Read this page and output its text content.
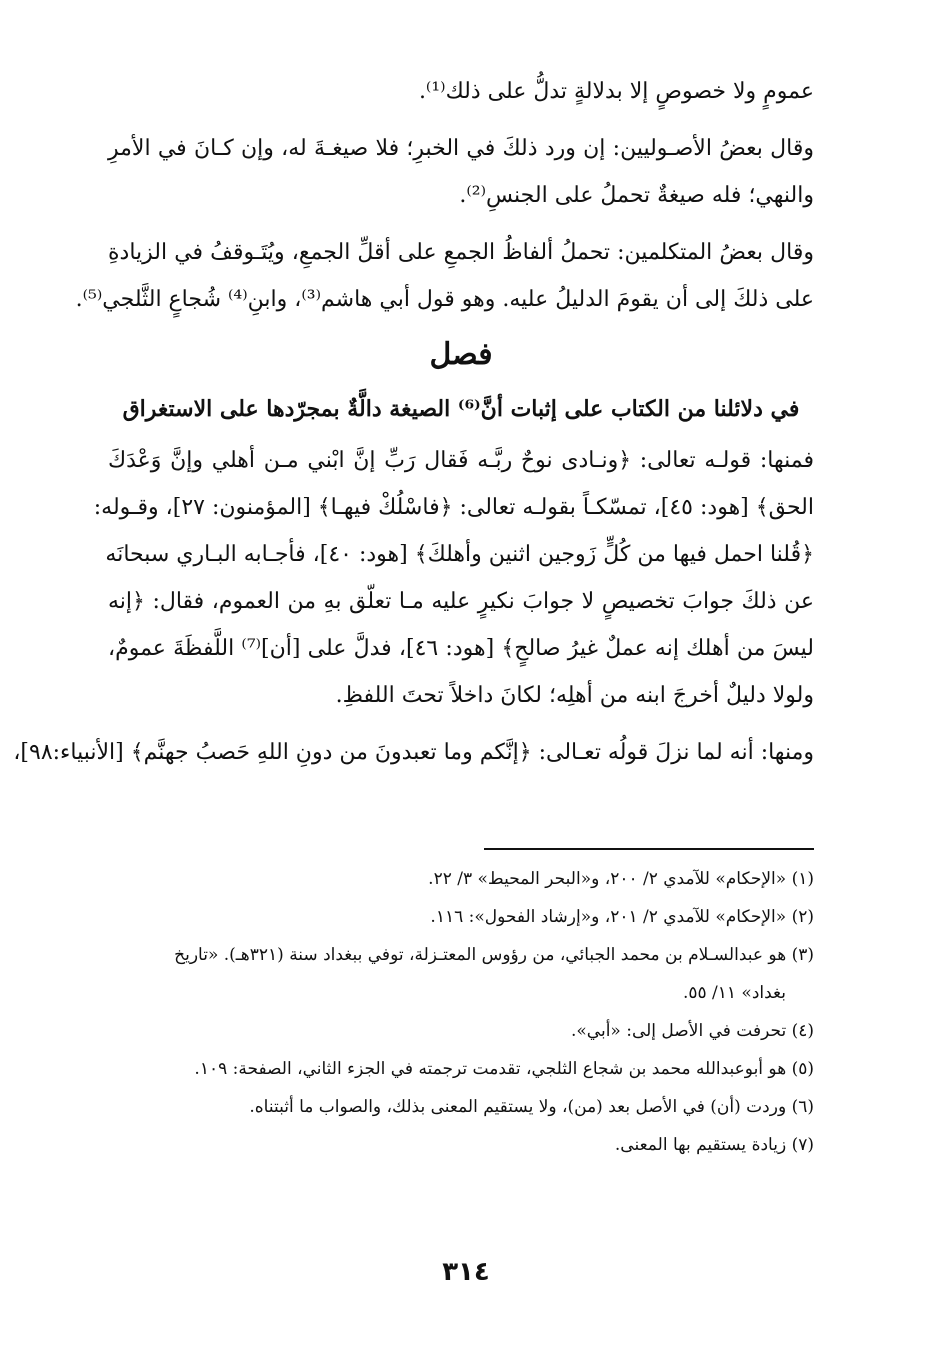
عمومٍ ولا خصوصٍ إلا بدلالةٍ تدلُّ على ذلك⁽¹⁾.

وقال بعضُ الأصـوليين: إن ورد ذلكَ في الخبرِ؛ فلا صيغـةَ له، وإن كـانَ في الأمرِ
والنهي؛ فله صيغةٌ تحملُ على الجنسِ⁽²⁾.

وقال بعضُ المتكلمين: تحملُ ألفاظُ الجمعِ على أقلِّ الجمعِ، ويُتَـوقفُ في الزيادةِ
على ذلكَ إلى أن يقومَ الدليلُ عليه. وهو قول أبي هاشم⁽³⁾، وابنِ⁽⁴⁾ شُجاعٍ الثَّلجي⁽⁵⁾.

فصل
في دلائلنا من الكتاب على إثبات أنَّ⁽⁶⁾ الصيغة دالَّةٌ بمجرّدها على الاستغراق

فمنها: قولـه تعالى: ﴿ونـادى نوحٌ ربَّـه فَقال رَبِّ إنَّ ابْني مـن أهلي وإنَّ وَعْدَكَ
الحق﴾ [هود: ٤٥]، تمسّكـاً بقولـه تعالى: ﴿فاسْلُكْ فيهـا﴾ [المؤمنون: ٢٧]، وقـوله:
﴿قُلنا احمل فيها من كُلٍّ زَوجين اثنين وأهلكَ﴾ [هود: ٤٠]، فأجـابه البـاري سبحانَه
عن ذلكَ جوابَ تخصيصٍ لا جوابَ نكيرٍ عليه مـا تعلّق بهِ من العموم، فقال: ﴿إنه
ليسَ من أهلك إنه عملٌ غيرُ صالحٍ﴾ [هود: ٤٦]، فدلَّ على [أن]⁽⁷⁾ اللَّفظَةَ عمومٌ،
ولولا دليلٌ أخرجَ ابنه من أهلِه؛ لكانَ داخلاً تحتَ اللفظِ.

ومنها: أنه لما نزلَ قولُه تعـالى: ﴿إنَّكم وما تعبدونَ من دونِ اللهِ حَصبُ جهنَّم﴾ [الأنبياء:٩٨]،

(١) «الإحكام» للآمدي ٢/ ٢٠٠، و«البحر المحيط» ٣/ ٢٢.

(٢) «الإحكام» للآمدي ٢/ ٢٠١، و«إرشاد الفحول»: ١١٦.

(٣) هو عبدالسـلام بن محمد الجبائي، من رؤوس المعتـزلة، توفي ببغداد سنة (٣٢١هـ). «تاريخ
بغداد» ١١/ ٥٥.

(٤) تحرفت في الأصل إلى: «أبي».

(٥) هو أبوعبدالله محمد بن شجاع الثلجي، تقدمت ترجمته في الجزء الثاني، الصفحة: ١٠٩.

(٦) وردت (أن) في الأصل بعد (من)، ولا يستقيم المعنى بذلك، والصواب ما أثبتناه.

(٧) زيادة يستقيم بها المعنى.

٣١٤
